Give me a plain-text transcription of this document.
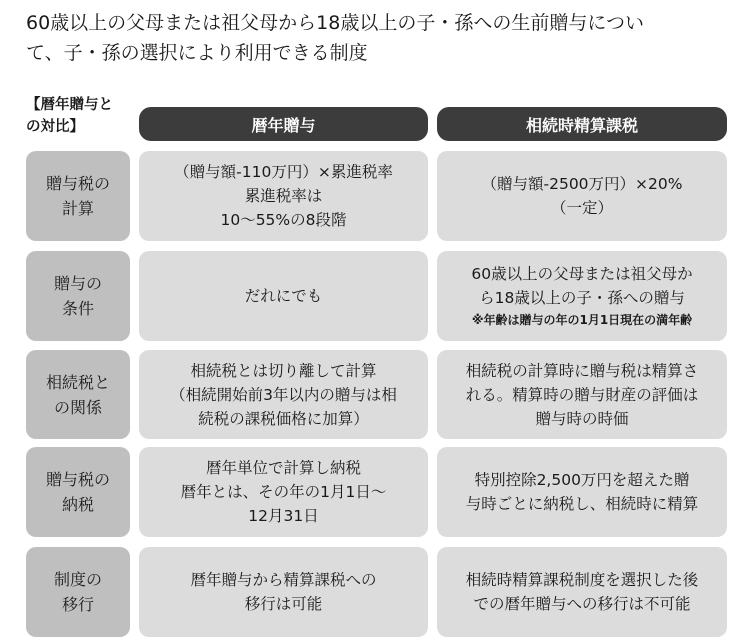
60歳以上の父母または祖父母から18歳以上の子・孫への生前贈与につい
て、子・孫の選択により利用できる制度
【暦年贈与と
の対比】	暦年贈与	相続時精算課税
贈与税の
計算
（贈与額-110万円）×累進税率
累進税率は
10～55%の8段階
（贈与額-2500万円）×20%
（一定）
贈与の
条件
だれにでも
60歳以上の父母または祖父母か
ら18歳以上の子・孫への贈与
※年齢は贈与の年の1月1日現在の満年齢
相続税と
の関係
相続税とは切り離して計算
（相続開始前3年以内の贈与は相
続税の課税価格に加算）
相続税の計算時に贈与税は精算さ
れる。精算時の贈与財産の評価は
贈与時の時価
贈与税の
納税
暦年単位で計算し納税
暦年とは、その年の1月1日～
12月31日
特別控除2,500万円を超えた贈
与時ごとに納税し、相続時に精算
制度の
移行
暦年贈与から精算課税への
移行は可能
相続時精算課税制度を選択した後
での暦年贈与への移行は不可能
